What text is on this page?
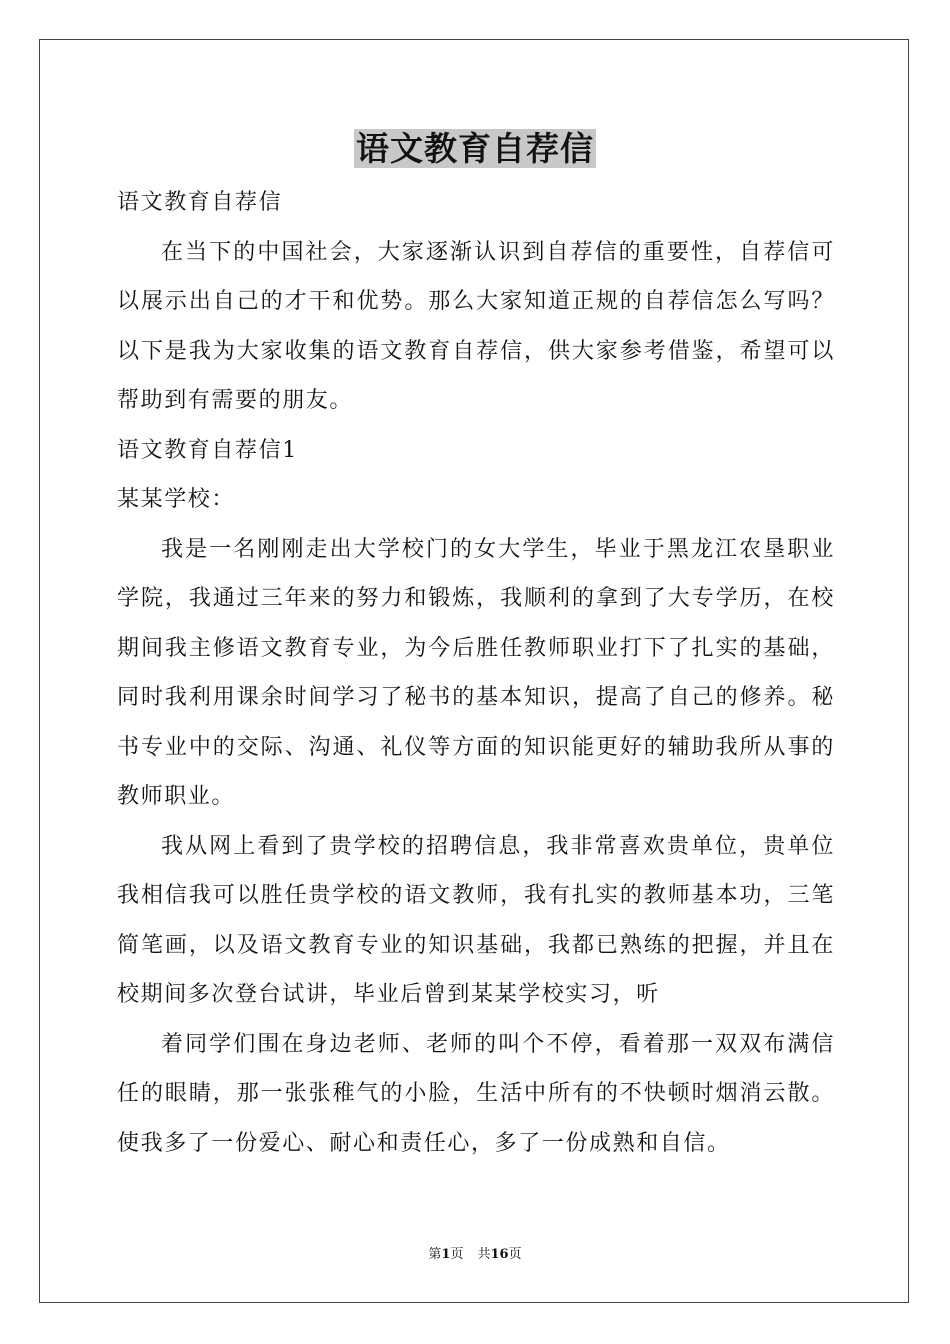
语文教育自荐信

语文教育自荐信

在当下的中国社会，大家逐渐认识到自荐信的重要性，自荐信可以展示出自己的才干和优势。那么大家知道正规的自荐信怎么写吗？以下是我为大家收集的语文教育自荐信，供大家参考借鉴，希望可以帮助到有需要的朋友。

语文教育自荐信1

某某学校：

我是一名刚刚走出大学校门的女大学生，毕业于黑龙江农垦职业学院，我通过三年来的努力和锻炼，我顺利的拿到了大专学历，在校期间我主修语文教育专业，为今后胜任教师职业打下了扎实的基础，同时我利用课余时间学习了秘书的基本知识，提高了自己的修养。秘书专业中的交际、沟通、礼仪等方面的知识能更好的辅助我所从事的教师职业。

我从网上看到了贵学校的招聘信息，我非常喜欢贵单位，贵单位我相信我可以胜任贵学校的语文教师，我有扎实的教师基本功，三笔简笔画，以及语文教育专业的知识基础，我都已熟练的把握，并且在校期间多次登台试讲，毕业后曾到某某学校实习，听

着同学们围在身边老师、老师的叫个不停，看着那一双双布满信任的眼睛，那一张张稚气的小脸，生活中所有的不快顿时烟消云散。使我多了一份爱心、耐心和责任心，多了一份成熟和自信。

第1页 共16页
